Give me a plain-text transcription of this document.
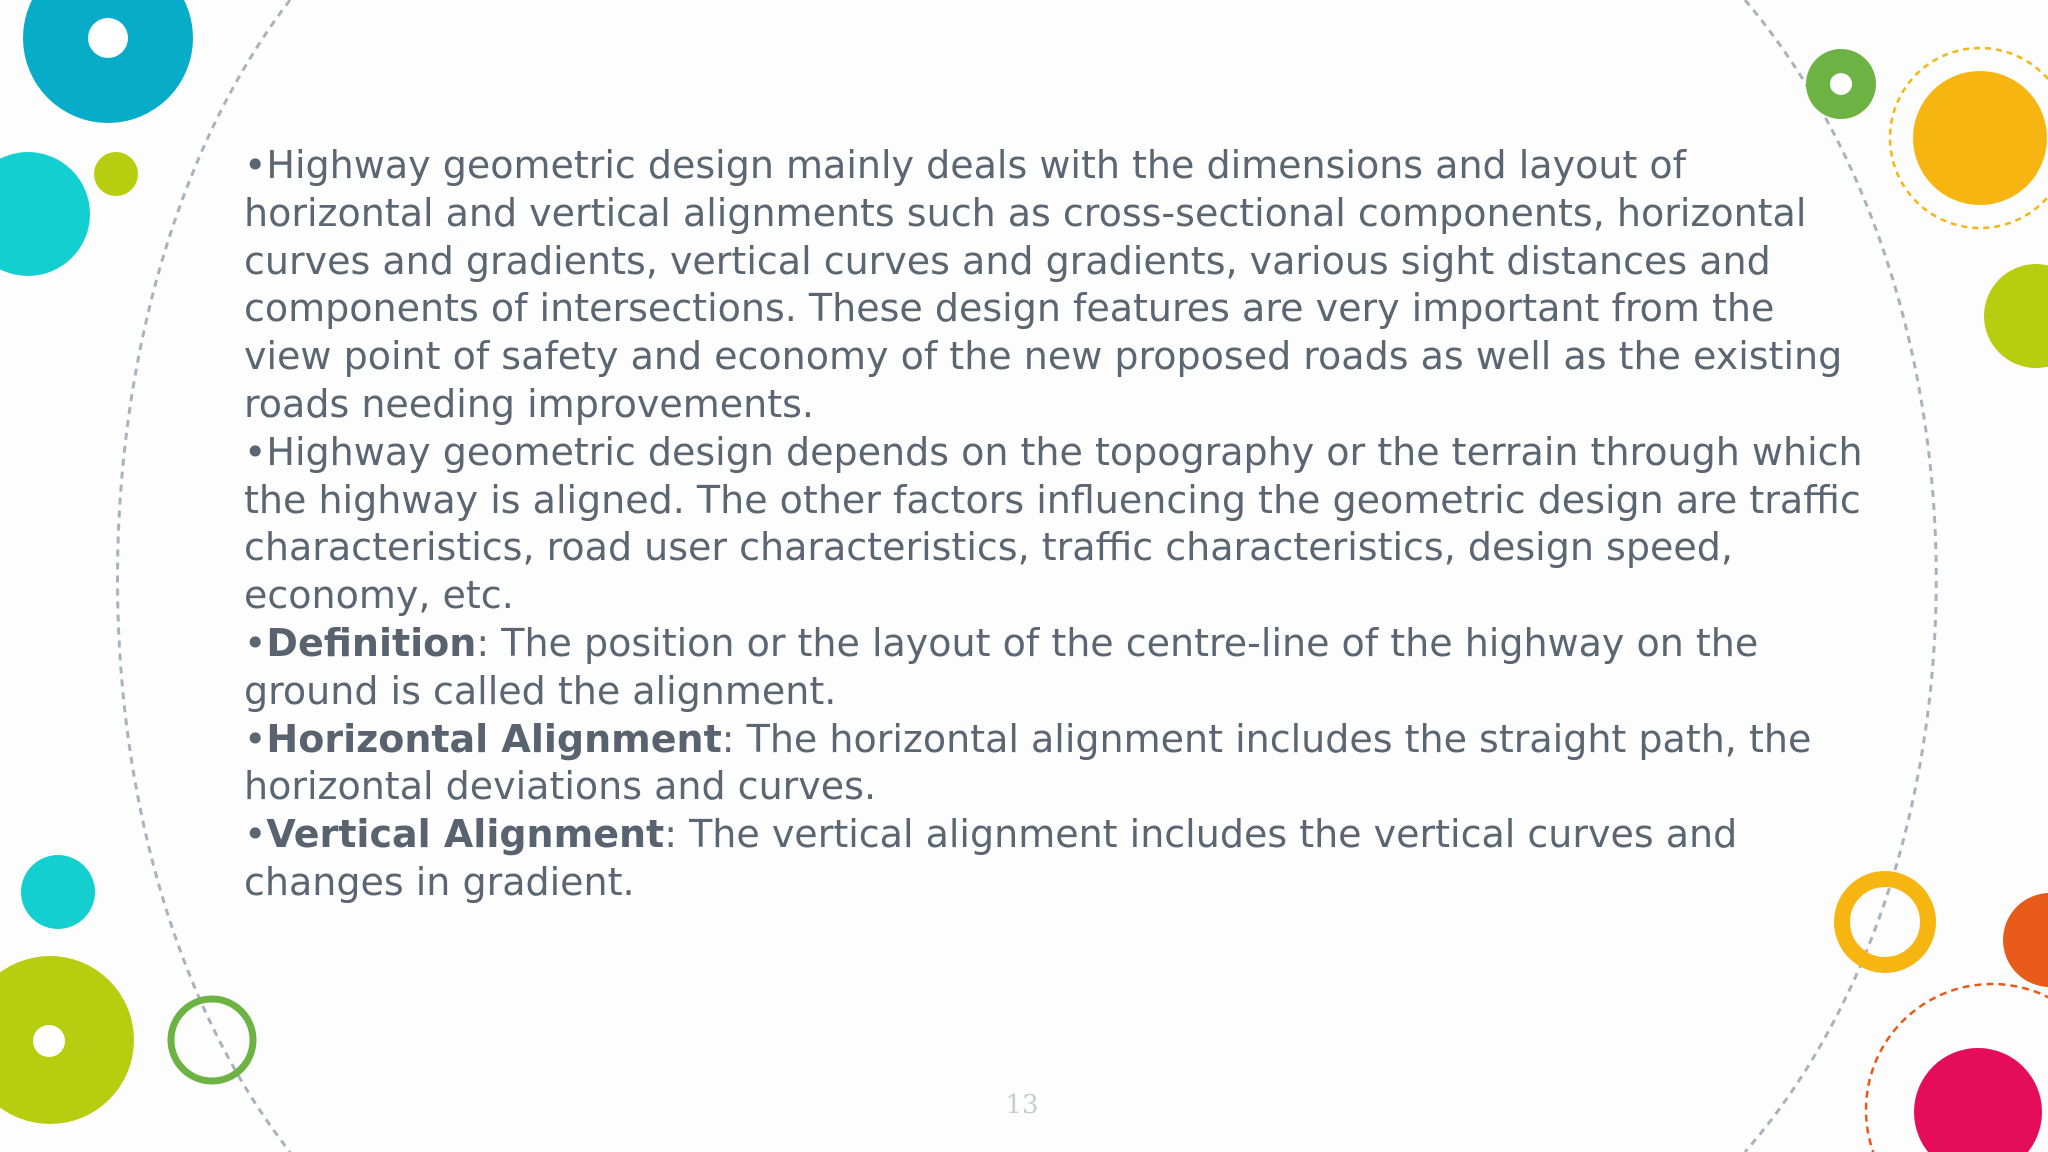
•Highway geometric design mainly deals with the dimensions and layout of horizontal and vertical alignments such as cross-sectional components, horizontal curves and gradients, vertical curves and gradients, various sight distances and components of intersections. These design features are very important from the view point of safety and economy of the new proposed roads as well as the existing roads needing improvements.

•Highway geometric design depends on the topography or the terrain through which the highway is aligned. The other factors influencing the geometric design are traffic characteristics, road user characteristics, traffic characteristics, design speed, economy, etc.

•Definition: The position or the layout of the centre-line of the highway on the ground is called the alignment.

•Horizontal Alignment: The horizontal alignment includes the straight path, the horizontal deviations and curves.

•Vertical Alignment: The vertical alignment includes the vertical curves and changes in gradient.

13
